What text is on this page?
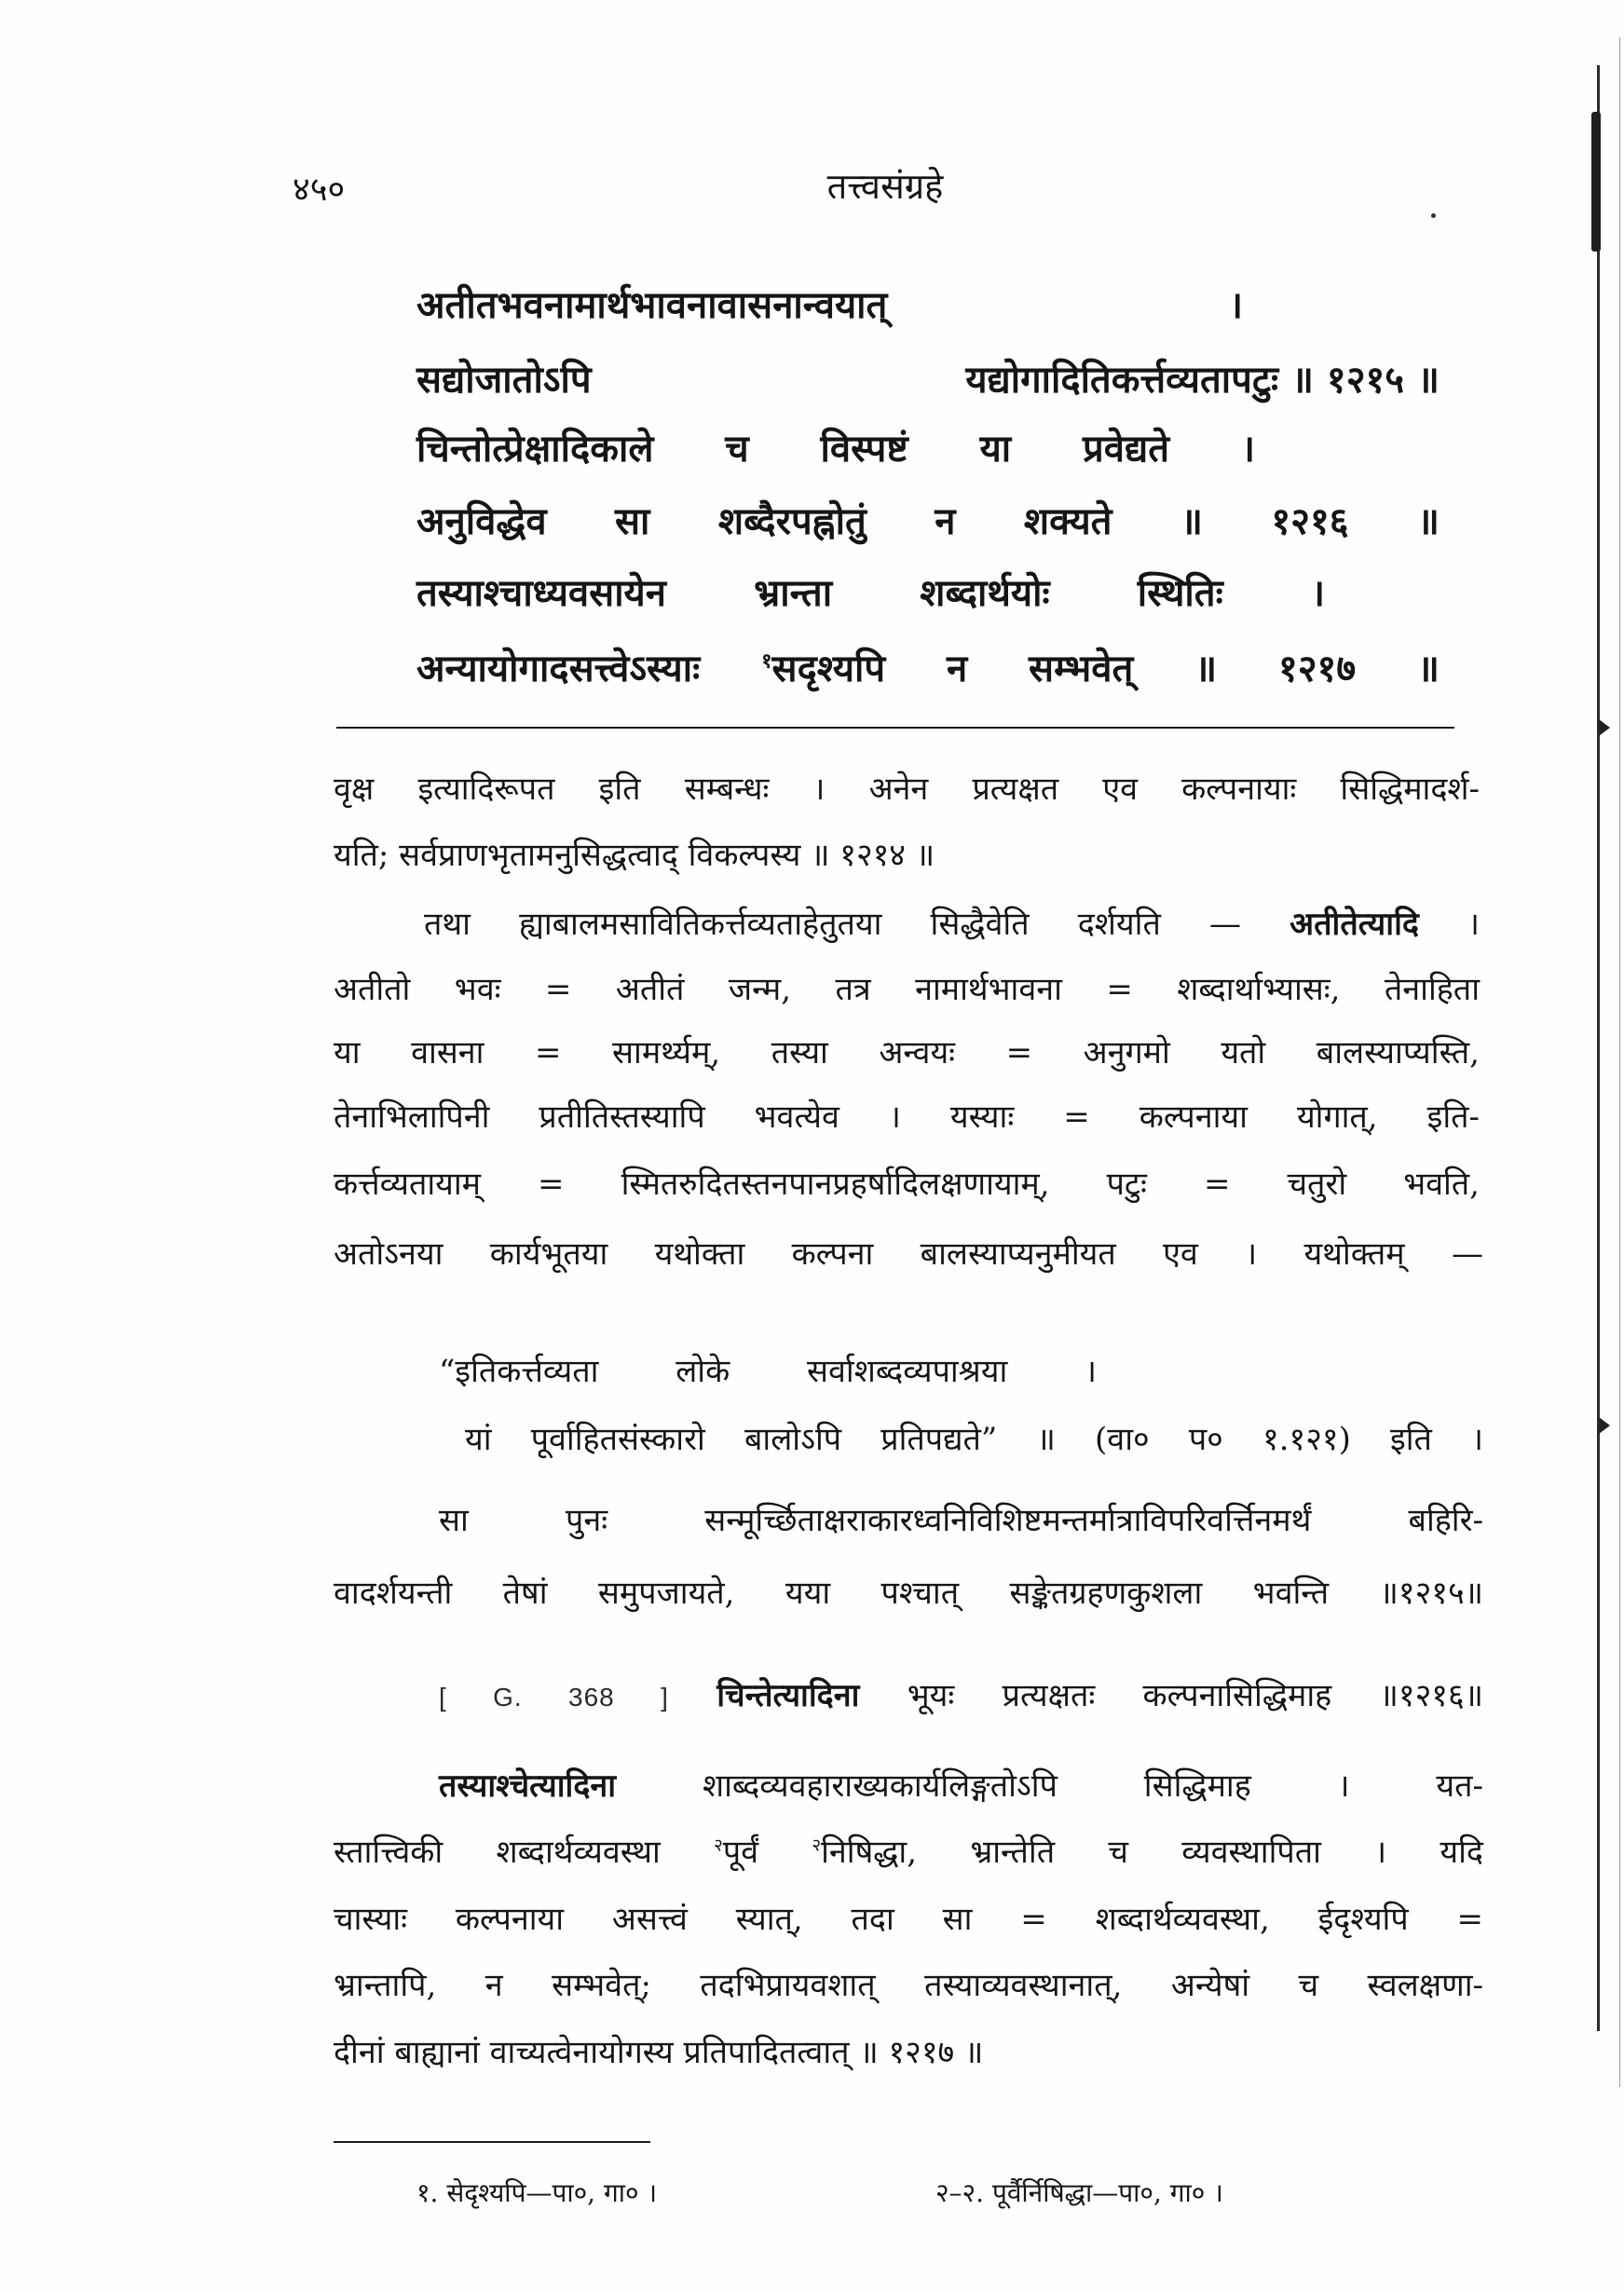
४५०	तत्त्वसंग्रहे
अतीतभवनामार्थभावनावासनान्वयात्	।
सद्योजातोऽपि	यद्योगादितिकर्त्तव्यतापटुः ॥ १२१५ ॥
चिन्तोत्प्रेक्षादिकाले च विस्पष्टं या प्रवेद्यते ।
अनुविद्धेव सा शब्दैरपह्नोतुं न शक्यते ॥ १२१६ ॥
तस्याश्चाध्यवसायेन भ्रान्ता शब्दार्थयोः स्थितिः ।
अन्यायोगादसत्त्वेऽस्याः	$^१$सदृश्यपि न सम्भवेत् ॥ १२१७ ॥
वृक्ष इत्यादिरूपत इति सम्बन्धः । अनेन प्रत्यक्षत एव कल्पनायाः सिद्धिमादर्श-
यति; सर्वप्राणभृतामनुसिद्धत्वाद् विकल्पस्य ॥ १२१४ ॥
तथा ह्याबालमसावितिकर्त्तव्यताहेतुतया सिद्धैवेति दर्शयति — अतीतेत्यादि ।
अतीतो भवः = अतीतं जन्म, तत्र नामार्थभावना = शब्दार्थाभ्यासः, तेनाहिता
या वासना = सामर्थ्यम्, तस्या अन्वयः = अनुगमो यतो बालस्याप्यस्ति,
तेनाभिलापिनी प्रतीतिस्तस्यापि भवत्येव । यस्याः = कल्पनाया योगात्, इति-
कर्त्तव्यतायाम् = स्मितरुदितस्तनपानप्रहर्षादिलक्षणायाम्, पटुः = चतुरो भवति,
अतोऽनया कार्यभूतया यथोक्ता कल्पना बालस्याप्यनुमीयत एव । यथोक्तम् —
“इतिकर्त्तव्यता लोके सर्वाशब्दव्यपाश्रया ।
यां पूर्वाहितसंस्कारो बालोऽपि प्रतिपद्यते” ॥ (वा० प० १.१२१) इति ।
सा पुनः सन्मूर्च्छिताक्षराकारध्वनिविशिष्टमन्तर्मात्राविपरिवर्त्तिनमर्थं बहिरि-
वादर्शयन्ती तेषां समुपजायते, यया पश्चात् सङ्केतग्रहणकुशला भवन्ति ॥१२१५॥
[ G. 368 ] चिन्तेत्यादिना भूयः प्रत्यक्षतः कल्पनासिद्धिमाह ॥१२१६॥
तस्याश्चेत्यादिना	शाब्दव्यवहाराख्यकार्यलिङ्गतोऽपि सिद्धिमाह । यत-
स्तात्त्विकी शब्दार्थव्यवस्था	$^२$पूर्वं	$^२$निषिद्धा, भ्रान्तेति च व्यवस्थापिता । यदि
चास्याः कल्पनाया असत्त्वं स्यात्, तदा सा = शब्दार्थव्यवस्था, ईदृश्यपि =
भ्रान्तापि, न सम्भवेत्; तदभिप्रायवशात् तस्याव्यवस्थानात्, अन्येषां च स्वलक्षणा-
दीनां बाह्यानां वाच्यत्वेनायोगस्य प्रतिपादितत्वात् ॥ १२१७ ॥
१. सेदृश्यपि—पा०, गा० ।	२–२. पूर्वैर्निषिद्धा—पा०, गा० ।
